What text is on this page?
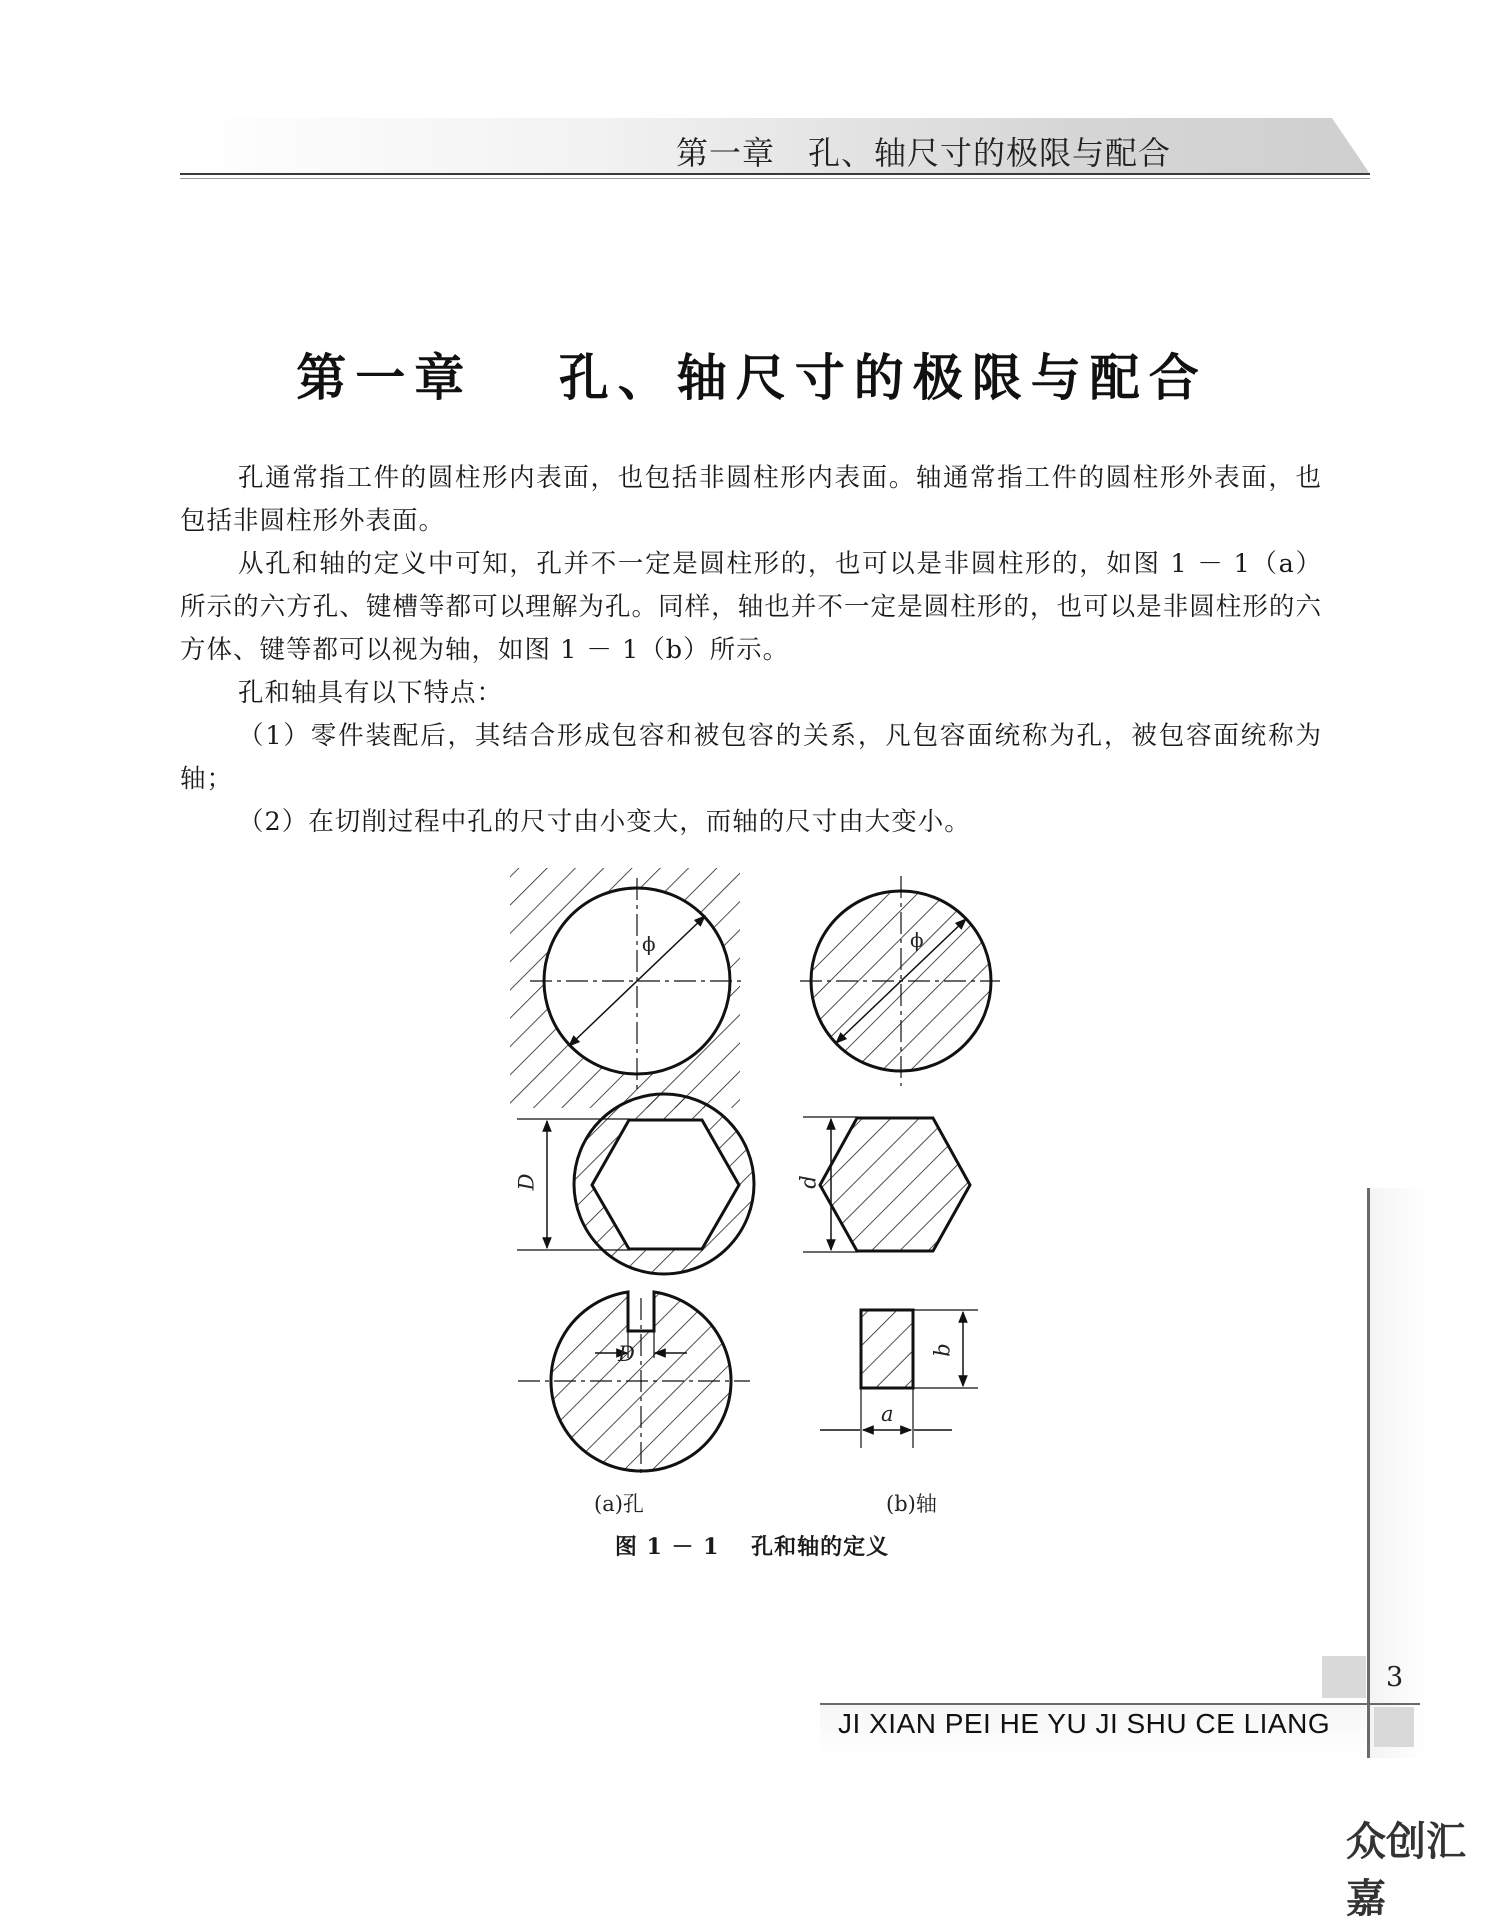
第一章　孔、轴尺寸的极限与配合
第一章　 孔、轴尺寸的极限与配合

孔通常指工件的圆柱形内表面，也包括非圆柱形内表面。轴通常指工件的圆柱形外表面，也包括非圆柱形外表面。

从孔和轴的定义中可知，孔并不一定是圆柱形的，也可以是非圆柱形的，如图 1 － 1（a）所示的六方孔、键槽等都可以理解为孔。同样，轴也并不一定是圆柱形的，也可以是非圆柱形的六方体、键等都可以视为轴，如图 1 － 1（b）所示。

孔和轴具有以下特点：

（1）零件装配后，其结合形成包容和被包容的关系，凡包容面统称为孔，被包容面统称为轴；

（2）在切削过程中孔的尺寸由小变大，而轴的尺寸由大变小。

ϕ	ϕ
D	d
D	b
a
(a)孔	(b)轴
图 1 － 1　 孔和轴的定义
3
JI XIAN PEI HE YU JI SHU CE LIANG
众创汇嘉
